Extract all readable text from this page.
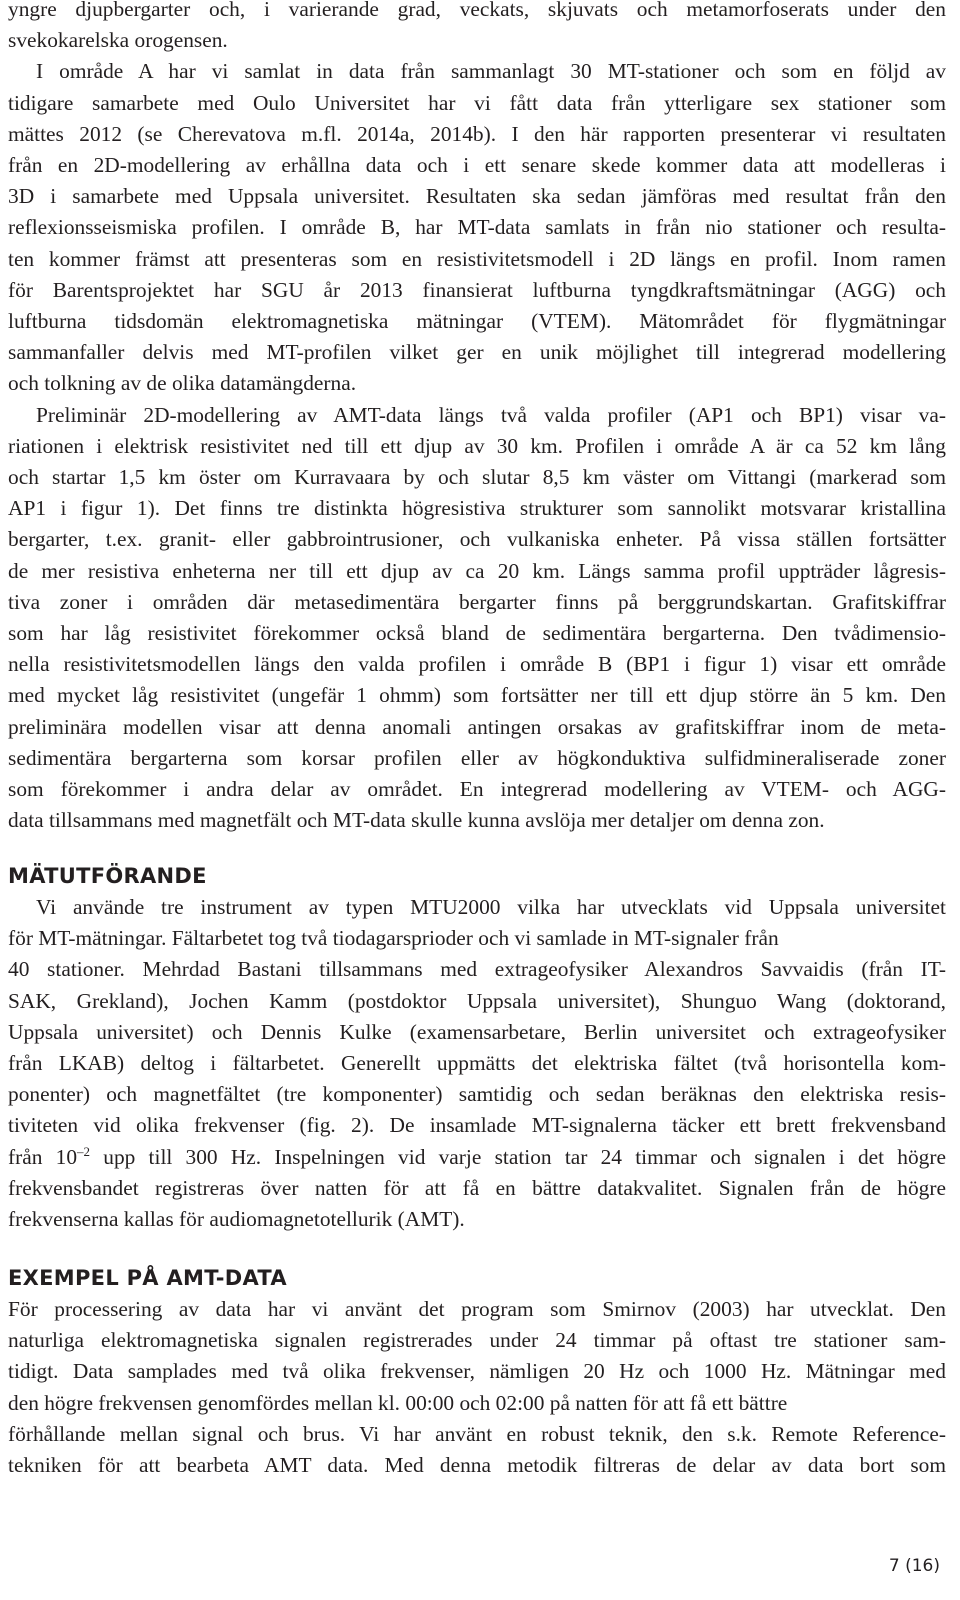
yngre djupbergarter och, i varierande grad, veckats, skjuvats och metamorfoserats under den
svekokarelska orogensen.
I område A har vi samlat in data från sammanlagt 30 MT-stationer och som en följd av
tidigare samarbete med Oulo Universitet har vi fått data från ytterligare sex stationer som
mättes 2012 (se Cherevatova m.fl. 2014a, 2014b). I den här rapporten presenterar vi resultaten
från en 2D-modellering av erhållna data och i ett senare skede kommer data att modelleras i
3D i samarbete med Uppsala universitet. Resultaten ska sedan jämföras med resultat från den
reflexionsseismiska profilen. I område B, har MT-data samlats in från nio stationer och resulta-
ten kommer främst att presenteras som en resistivitetsmodell i 2D längs en profil. Inom ramen
för Barentsprojektet har SGU år 2013 finansierat luftburna tyngdkraftsmätningar (AGG) och
luftburna tidsdomän elektromagnetiska mätningar (VTEM). Mätområdet för flygmätningar
sammanfaller delvis med MT-profilen vilket ger en unik möjlighet till integrerad modellering
och tolkning av de olika datamängderna.
Preliminär 2D-modellering av AMT-data längs två valda profiler (AP1 och BP1) visar va-
riationen i elektrisk resistivitet ned till ett djup av 30 km. Profilen i område A är ca 52 km lång
och startar 1,5 km öster om Kurravaara by och slutar 8,5 km väster om Vittangi (markerad som
AP1 i figur 1). Det finns tre distinkta högresistiva strukturer som sannolikt motsvarar kristallina
bergarter, t.ex. granit- eller gabbrointrusioner, och vulkaniska enheter. På vissa ställen fortsätter
de mer resistiva enheterna ner till ett djup av ca 20 km. Längs samma profil uppträder lågresis-
tiva zoner i områden där metasedimentära bergarter finns på berggrundskartan. Grafitskiffrar
som har låg resistivitet förekommer också bland de sedimentära bergarterna. Den tvådimensio-
nella resistivitetsmodellen längs den valda profilen i område B (BP1 i figur 1) visar ett område
med mycket låg resistivitet (ungefär 1 ohmm) som fortsätter ner till ett djup större än 5 km. Den
preliminära modellen visar att denna anomali antingen orsakas av grafitskiffrar inom de meta-
sedimentära bergarterna som korsar profilen eller av högkonduktiva sulfidmineraliserade zoner
som förekommer i andra delar av området. En integrerad modellering av VTEM- och AGG-
data tillsammans med magnetfält och MT-data skulle kunna avslöja mer detaljer om denna zon.
MÄTUTFÖRANDE
Vi använde tre instrument av typen MTU2000 vilka har utvecklats vid Uppsala universitet
för MT-mätningar. Fältarbetet tog två tiodagarsprioder och vi samlade in MT-signaler från
40 stationer. Mehrdad Bastani tillsammans med extrageofysiker Alexandros Savvaidis (från IT-
SAK, Grekland), Jochen Kamm (postdoktor Uppsala universitet), Shunguo Wang (doktorand,
Uppsala universitet) och Dennis Kulke (examensarbetare, Berlin universitet och extrageofysiker
från LKAB) deltog i fältarbetet. Generellt uppmätts det elektriska fältet (två horisontella kom-
ponenter) och magnetfältet (tre komponenter) samtidig och sedan beräknas den elektriska resis-
tiviteten vid olika frekvenser (fig. 2). De insamlade MT-signalerna täcker ett brett frekvensband
från $10^{-2}$ upp till 300 Hz. Inspelningen vid varje station tar 24 timmar och signalen i det högre
frekvensbandet registreras över natten för att få en bättre datakvalitet. Signalen från de högre
frekvenserna kallas för audiomagnetotellurik (AMT).
EXEMPEL PÅ AMT-DATA
För processering av data har vi använt det program som Smirnov (2003) har utvecklat. Den
naturliga elektromagnetiska signalen registrerades under 24 timmar på oftast tre stationer sam-
tidigt. Data samplades med två olika frekvenser, nämligen 20 Hz och 1000 Hz. Mätningar med
den högre frekvensen genomfördes mellan kl. 00:00 och 02:00 på natten för att få ett bättre
förhållande mellan signal och brus. Vi har använt en robust teknik, den s.k. Remote Reference-
tekniken för att bearbeta AMT data. Med denna metodik filtreras de delar av data bort som
7 (16)
